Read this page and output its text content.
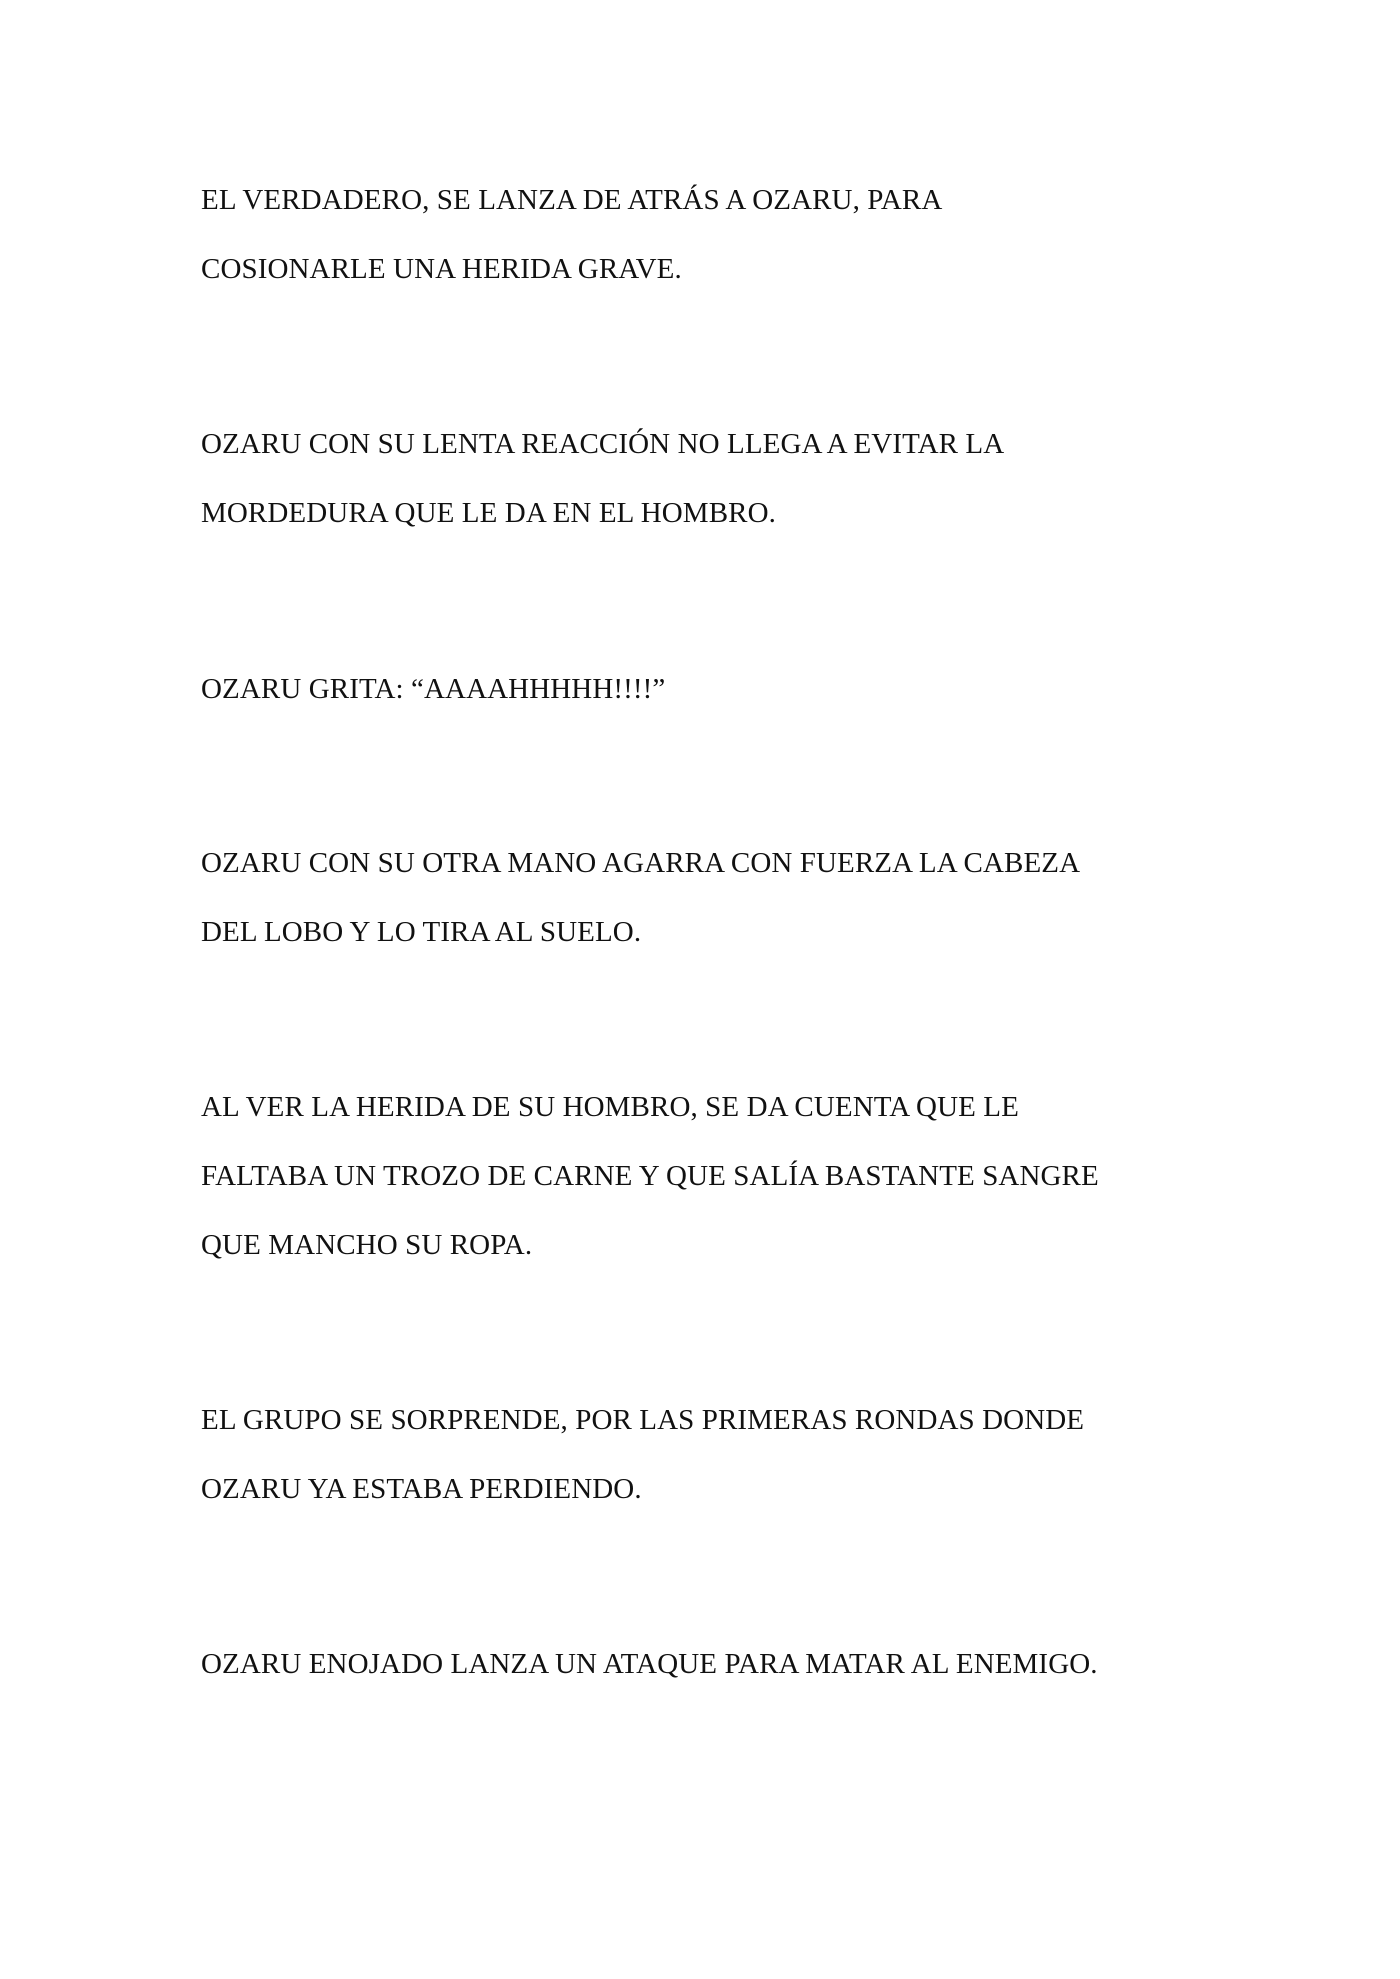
EL VERDADERO, SE LANZA DE ATRÁS A OZARU, PARA

COSIONARLE UNA HERIDA GRAVE.

OZARU CON SU LENTA REACCIÓN NO LLEGA A EVITAR LA

MORDEDURA QUE LE DA EN EL HOMBRO.

OZARU GRITA: “AAAAHHHHH!!!!”

OZARU CON SU OTRA MANO AGARRA CON FUERZA LA CABEZA

DEL LOBO Y LO TIRA AL SUELO.

AL VER LA HERIDA DE SU HOMBRO, SE DA CUENTA QUE LE

FALTABA UN TROZO DE CARNE Y QUE SALÍA BASTANTE SANGRE

QUE MANCHO SU ROPA.

EL GRUPO SE SORPRENDE, POR LAS PRIMERAS RONDAS DONDE

OZARU YA ESTABA PERDIENDO.

OZARU ENOJADO LANZA UN ATAQUE PARA MATAR AL ENEMIGO.
